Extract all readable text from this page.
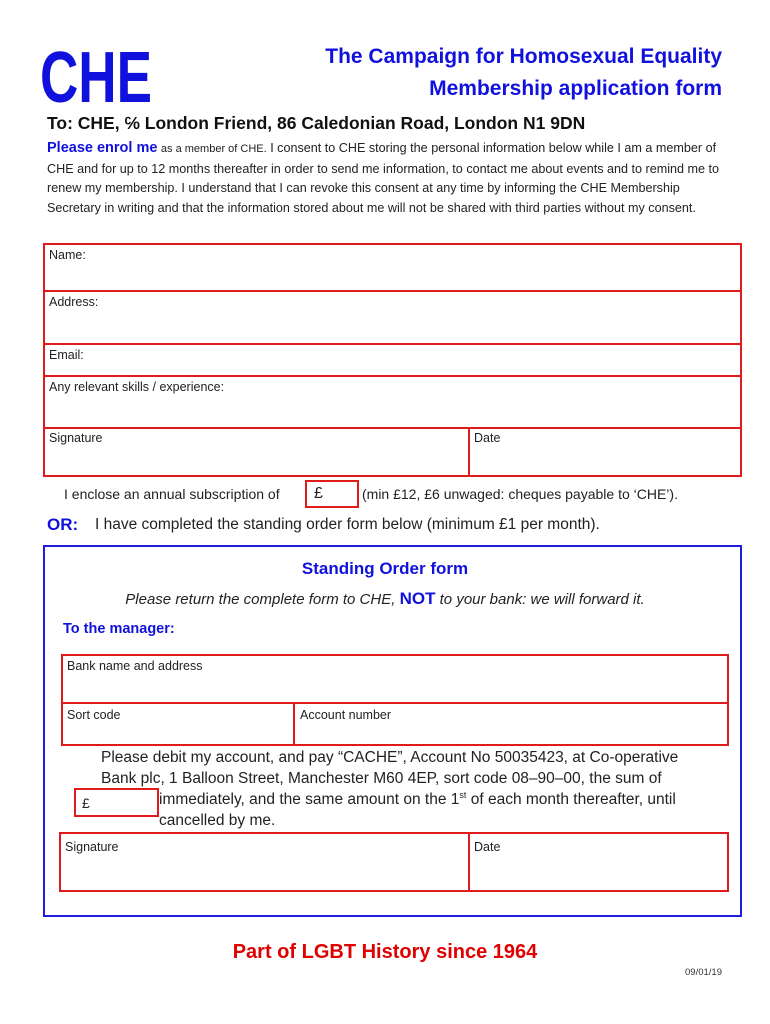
CHE	The Campaign for Homosexual Equality
Membership application form
To: CHE, ℅ London Friend, 86 Caledonian Road, London N1 9DN
Please enrol me as a member of CHE. I consent to CHE storing the personal information below while I am a member of CHE and for up to 12 months thereafter in order to send me information, to contact me about events and to remind me to renew my membership. I understand that I can revoke this consent at any time by informing the CHE Membership Secretary in writing and that the information stored about me will not be shared with third parties without my consent.
Name:
Address:
Email:
Any relevant skills / experience:
Signature	Date
I enclose an annual subscription of £	(min £12, £6 unwaged: cheques payable to ‘CHE’).
OR: I have completed the standing order form below (minimum £1 per month).
Standing Order form
Please return the complete form to CHE, NOT to your bank: we will forward it.
To the manager:
Bank name and address
Sort code	Account number
Please debit my account, and pay “CACHE”, Account No 50035423, at Co-operative
Bank plc, 1 Balloon Street, Manchester M60 4EP, sort code 08–90–00, the sum of
immediately, and the same amount on the 1st of each month thereafter, until
cancelled by me.
£
Signature	Date
Part of LGBT History since 1964
09/01/19
